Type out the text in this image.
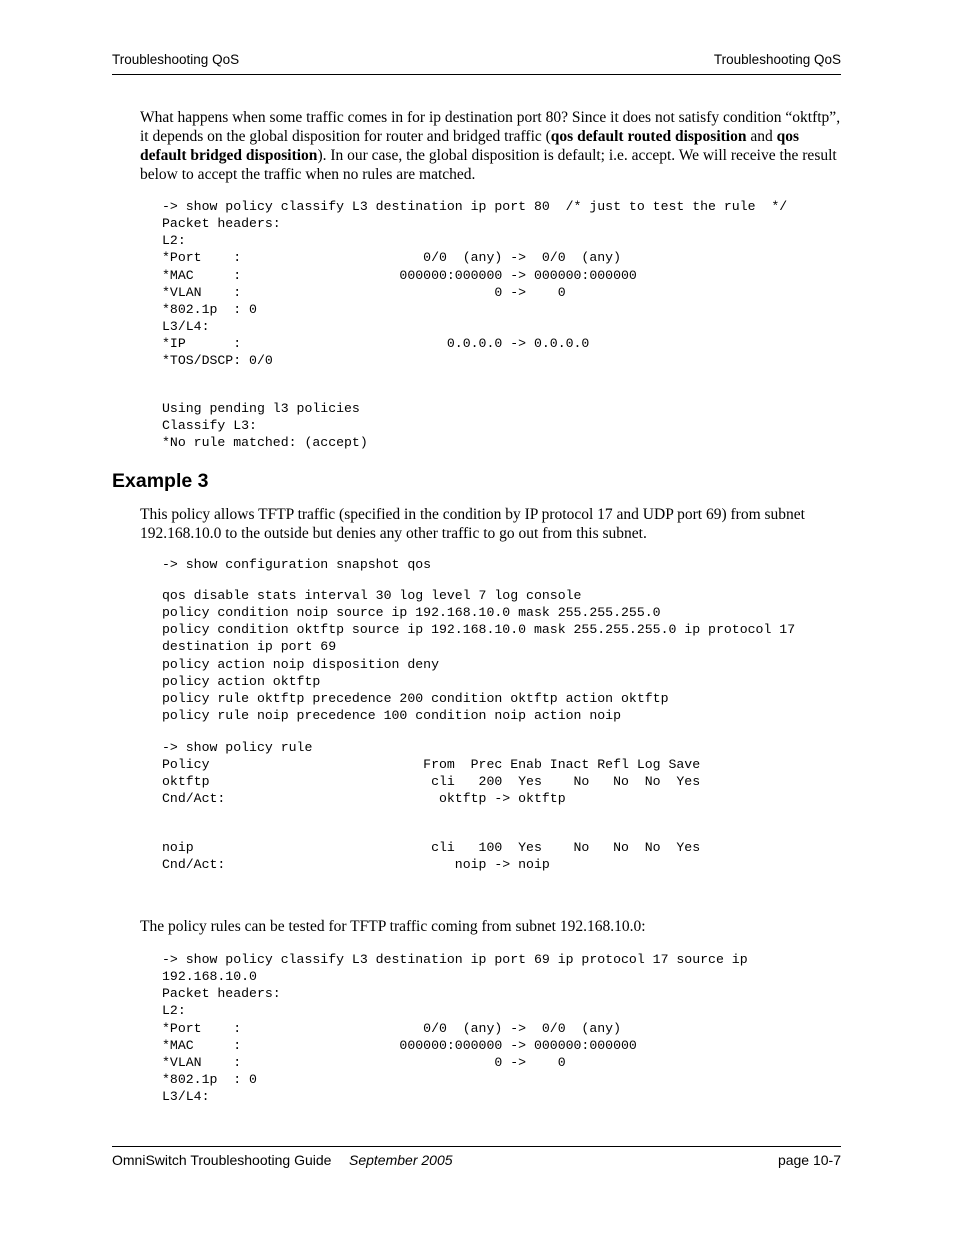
Troubleshooting QoS	Troubleshooting QoS

What happens when some traffic comes in for ip destination port 80? Since it does not satisfy condition “oktftp”, it depends on the global disposition for router and bridged traffic (qos default routed disposition and qos default bridged disposition). In our case, the global disposition is default; i.e. accept. We will receive the result below to accept the traffic when no rules are matched.

-> show policy classify L3 destination ip port 80  /* just to test the rule  */
Packet headers:
L2:
*Port    :                       0/0  (any) ->  0/0  (any)
*MAC     :                    000000:000000 -> 000000:000000
*VLAN    :                                0 ->    0
*802.1p  : 0
L3/L4:
*IP      :                          0.0.0.0 -> 0.0.0.0
*TOS/DSCP: 0/0
Using pending l3 policies
Classify L3:
*No rule matched: (accept)
Example 3

This policy allows TFTP traffic (specified in the condition by IP protocol 17 and UDP port 69) from subnet 192.168.10.0 to the outside but denies any other traffic to go out from this subnet.

-> show configuration snapshot qos
qos disable stats interval 30 log level 7 log console
policy condition noip source ip 192.168.10.0 mask 255.255.255.0
policy condition oktftp source ip 192.168.10.0 mask 255.255.255.0 ip protocol 17
destination ip port 69
policy action noip disposition deny
policy action oktftp
policy rule oktftp precedence 200 condition oktftp action oktftp
policy rule noip precedence 100 condition noip action noip
-> show policy rule
Policy                           From  Prec Enab Inact Refl Log Save
oktftp                            cli   200  Yes    No   No  No  Yes
Cnd/Act:                           oktftp -> oktftp
noip                              cli   100  Yes    No   No  No  Yes
Cnd/Act:                             noip -> noip

The policy rules can be tested for TFTP traffic coming from subnet 192.168.10.0:

-> show policy classify L3 destination ip port 69 ip protocol 17 source ip
192.168.10.0
Packet headers:
L2:
*Port    :                       0/0  (any) ->  0/0  (any)
*MAC     :                    000000:000000 -> 000000:000000
*VLAN    :                                0 ->    0
*802.1p  : 0
L3/L4:
OmniSwitch Troubleshooting Guide September 2005	page 10-7
